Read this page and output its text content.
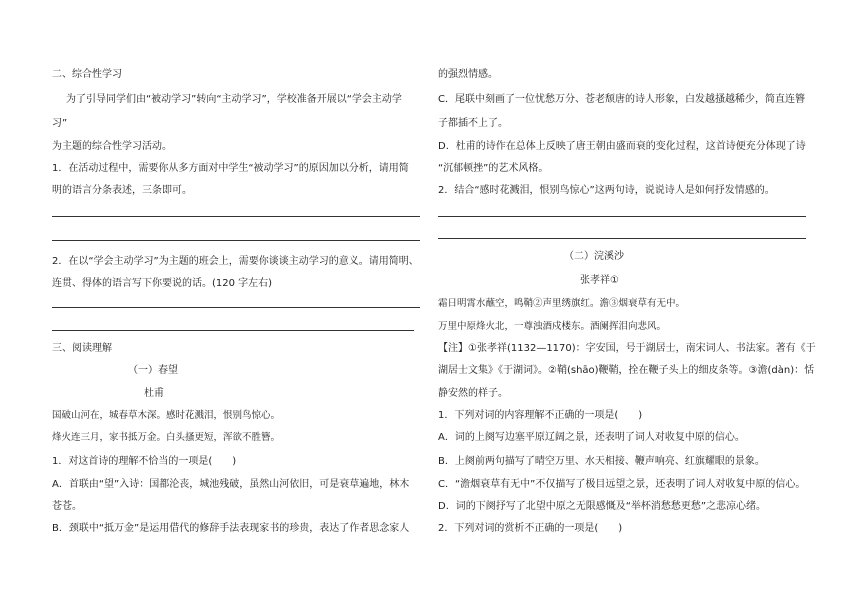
二、综合性学习
为了引导同学们由“被动学习”转向“主动学习”，学校准备开展以“学会主动学
习”
为主题的综合性学习活动。
1．在活动过程中，需要你从多方面对中学生“被动学习”的原因加以分析，请用简
明的语言分条表述，三条即可。
2．在以“学会主动学习”为主题的班会上，需要你谈谈主动学习的意义。请用简明、
连贯、得体的语言写下你要说的话。(120 字左右)
三、阅读理解
（一）春望
杜甫
国破山河在，城春草木深。感时花溅泪，恨别鸟惊心。
烽火连三月，家书抵万金。白头搔更短，浑欲不胜簪。
1．对这首诗的理解不恰当的一项是(　　)
A．首联由“望”入诗：国都沦丧，城池残破，虽然山河依旧，可是衰草遍地，林木
苍苍。
B．颈联中“抵万金”是运用借代的修辞手法表现家书的珍贵，表达了作者思念家人
的强烈情感。
C．尾联中刻画了一位忧愁万分、苍老颓唐的诗人形象，白发越搔越稀少，简直连簪
子都插不上了。
D．杜甫的诗作在总体上反映了唐王朝由盛而衰的变化过程，这首诗便充分体现了诗
“沉郁顿挫”的艺术风格。
2．结合“感时花溅泪，恨别鸟惊心”这两句诗，说说诗人是如何抒发情感的。
（二）浣溪沙
张孝祥①
霜日明霄水蘸空，鸣鞘②声里绣旗红。澹③烟衰草有无中。
万里中原烽火北，一尊浊酒戍楼东。酒阑挥泪向悲风。
【注】①张孝祥(1132—1170)：字安国，号于湖居士，南宋词人、书法家。著有《于
湖居士文集》《于湖词》。②鞘(shāo)鞭鞘，拴在鞭子头上的细皮条等。③澹(dàn)：恬
静安然的样子。
1．下列对词的内容理解不正确的一项是(　　)
A．词的上阕写边塞平原辽阔之景，还表明了词人对收复中原的信心。
B．上阕前两句描写了晴空万里、水天相接、鞭声响亮、红旗耀眼的景象。
C．“澹烟衰草有无中”不仅描写了极目远望之景，还表明了词人对收复中原的信心。
D．词的下阕抒写了北望中原之无限感慨及“举杯消愁愁更愁”之悲凉心绪。
2．下列对词的赏析不正确的一项是(　　)
